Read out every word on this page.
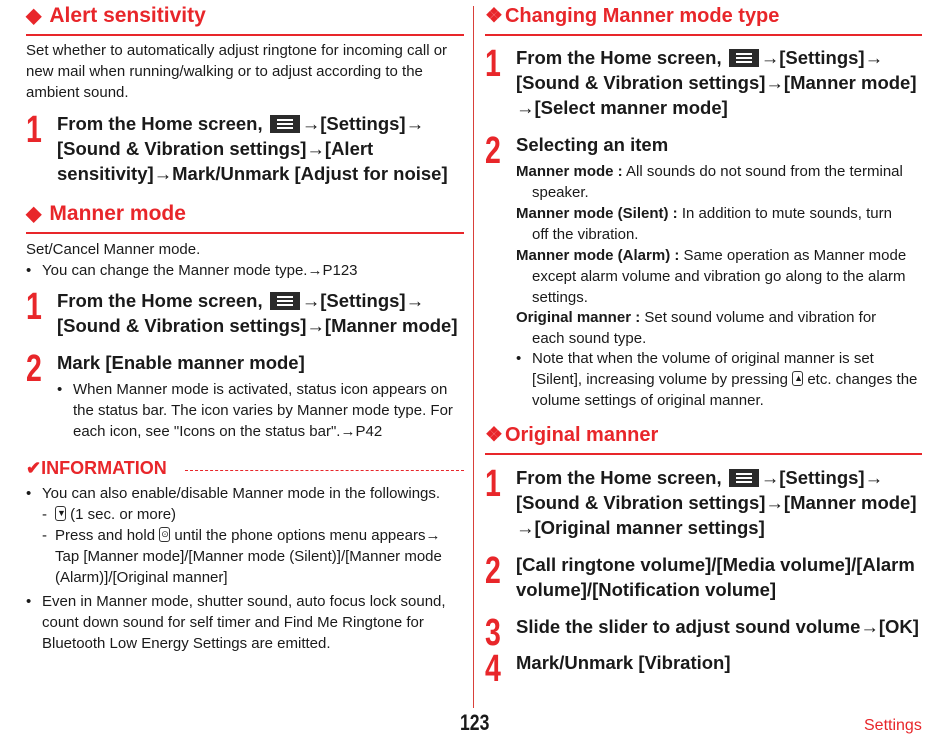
◆ Alert sensitivity
Set whether to automatically adjust ringtone for incoming call or new mail when running/walking or to adjust according to the ambient sound.
1 From the Home screen, →[Settings]→ [Sound & Vibration settings]→[Alert sensitivity]→Mark/Unmark [Adjust for noise]
◆ Manner mode
Set/Cancel Manner mode.
• You can change the Manner mode type.→P123
1 From the Home screen, →[Settings]→ [Sound & Vibration settings]→[Manner mode]
2 Mark [Enable manner mode]
• When Manner mode is activated, status icon appears on the status bar. The icon varies by Manner mode type. For each icon, see "Icons on the status bar".→P42
✔INFORMATION
• You can also enable/disable Manner mode in the followings.
- ▼ (1 sec. or more)
- Press and hold ⊙ until the phone options menu appears→ Tap [Manner mode]/[Manner mode (Silent)]/[Manner mode (Alarm)]/[Original manner]
• Even in Manner mode, shutter sound, auto focus lock sound, count down sound for self timer and Find Me Ringtone for Bluetooth Low Energy Settings are emitted.
❖ Changing Manner mode type
1 From the Home screen, →[Settings]→ [Sound & Vibration settings]→[Manner mode] →[Select manner mode]
2 Selecting an item
Manner mode : All sounds do not sound from the terminal
speaker.
Manner mode (Silent) : In addition to mute sounds, turn
off the vibration.
Manner mode (Alarm) : Same operation as Manner mode
except alarm volume and vibration go along to the alarm settings.
Original manner : Set sound volume and vibration for
each sound type.
• Note that when the volume of original manner is set [Silent], increasing volume by pressing ▲ etc. changes the volume settings of original manner.
❖ Original manner
1 From the Home screen, →[Settings]→ [Sound & Vibration settings]→[Manner mode] →[Original manner settings]
2 [Call ringtone volume]/[Media volume]/[Alarm volume]/[Notification volume]
3 Slide the slider to adjust sound volume→[OK]
4 Mark/Unmark [Vibration]
123	Settings
